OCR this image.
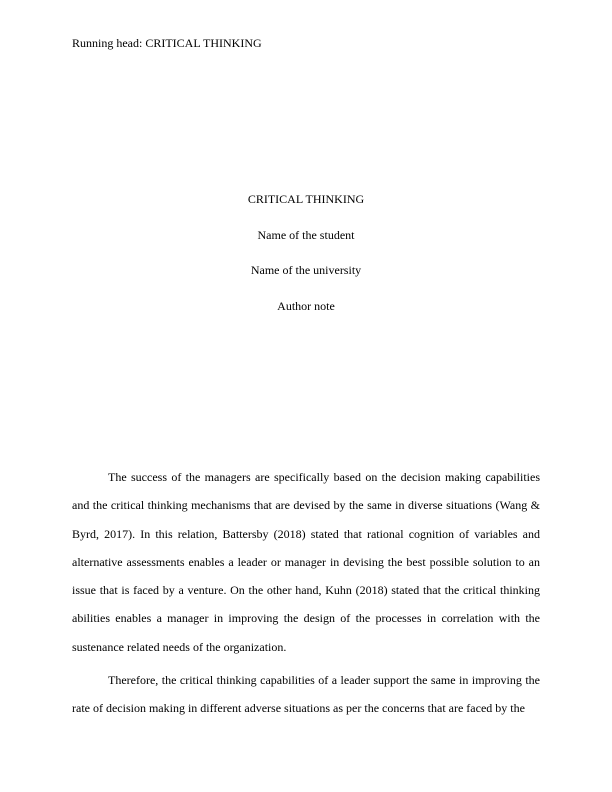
Running head: CRITICAL THINKING
CRITICAL THINKING
Name of the student
Name of the university
Author note

The success of the managers are specifically based on the decision making capabilities and the critical thinking mechanisms that are devised by the same in diverse situations (Wang & Byrd, 2017). In this relation, Battersby (2018) stated that rational cognition of variables and alternative assessments enables a leader or manager in devising the best possible solution to an issue that is faced by a venture. On the other hand, Kuhn (2018) stated that the critical thinking abilities enables a manager in improving the design of the processes in correlation with the sustenance related needs of the organization.

Therefore, the critical thinking capabilities of a leader support the same in improving the rate of decision making in different adverse situations as per the concerns that are faced by the
